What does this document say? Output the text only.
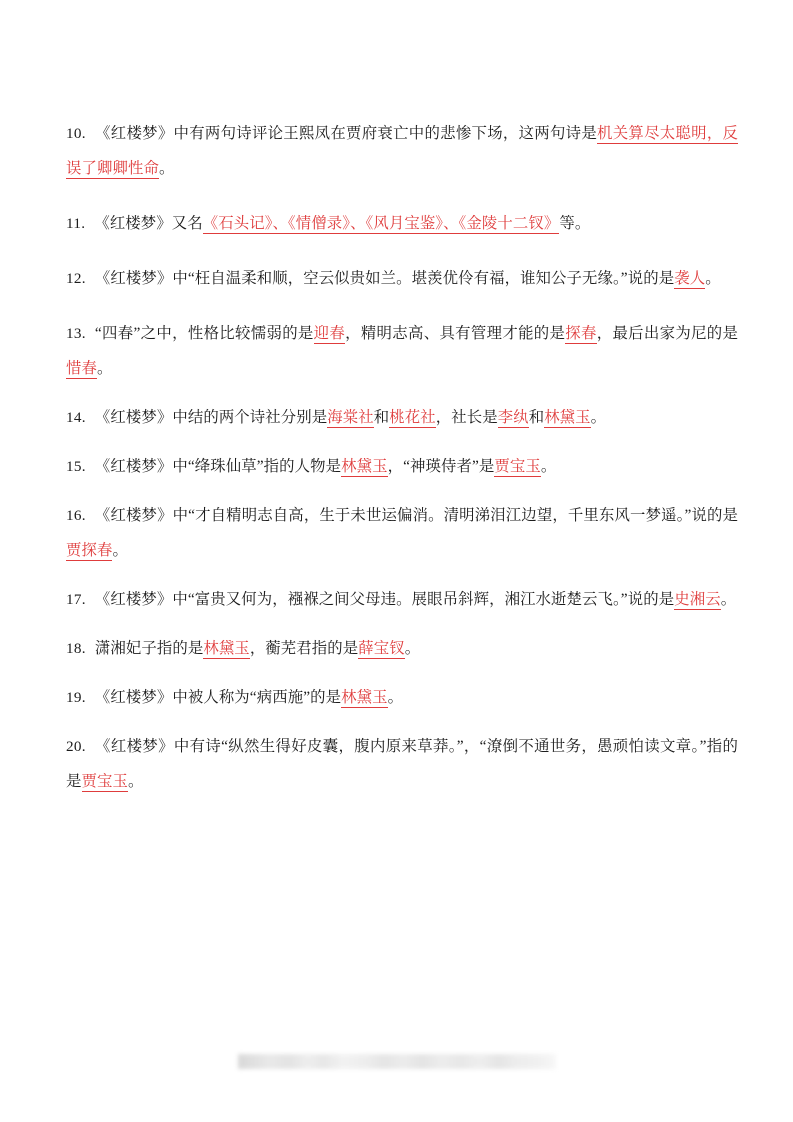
10. 《红楼梦》中有两句诗评论王熙凤在贾府衰亡中的悲惨下场，这两句诗是机关算尽太聪明，反误了卿卿性命。

11. 《红楼梦》又名《石头记》、《情僧录》、《风月宝鉴》、《金陵十二钗》等。

12. 《红楼梦》中“枉自温柔和顺，空云似贵如兰。堪羡优伶有福，谁知公子无缘。”说的是袭人。

13. “四春”之中，性格比较懦弱的是迎春，精明志高、具有管理才能的是探春，最后出家为尼的是惜春。

14. 《红楼梦》中结的两个诗社分别是海棠社和桃花社，社长是李纨和林黛玉。

15. 《红楼梦》中“绛珠仙草”指的人物是林黛玉，“神瑛侍者”是贾宝玉。

16. 《红楼梦》中“才自精明志自高，生于未世运偏消。清明涕泪江边望，千里东风一梦遥。”说的是贾探春。

17. 《红楼梦》中“富贵又何为，襁褓之间父母违。展眼吊斜辉，湘江水逝楚云飞。”说的是史湘云。

18. 潇湘妃子指的是林黛玉，蘅芜君指的是薛宝钗。

19. 《红楼梦》中被人称为“病西施”的是林黛玉。

20. 《红楼梦》中有诗“纵然生得好皮囊，腹内原来草莽。”，“潦倒不通世务，愚顽怕读文章。”指的是贾宝玉。
